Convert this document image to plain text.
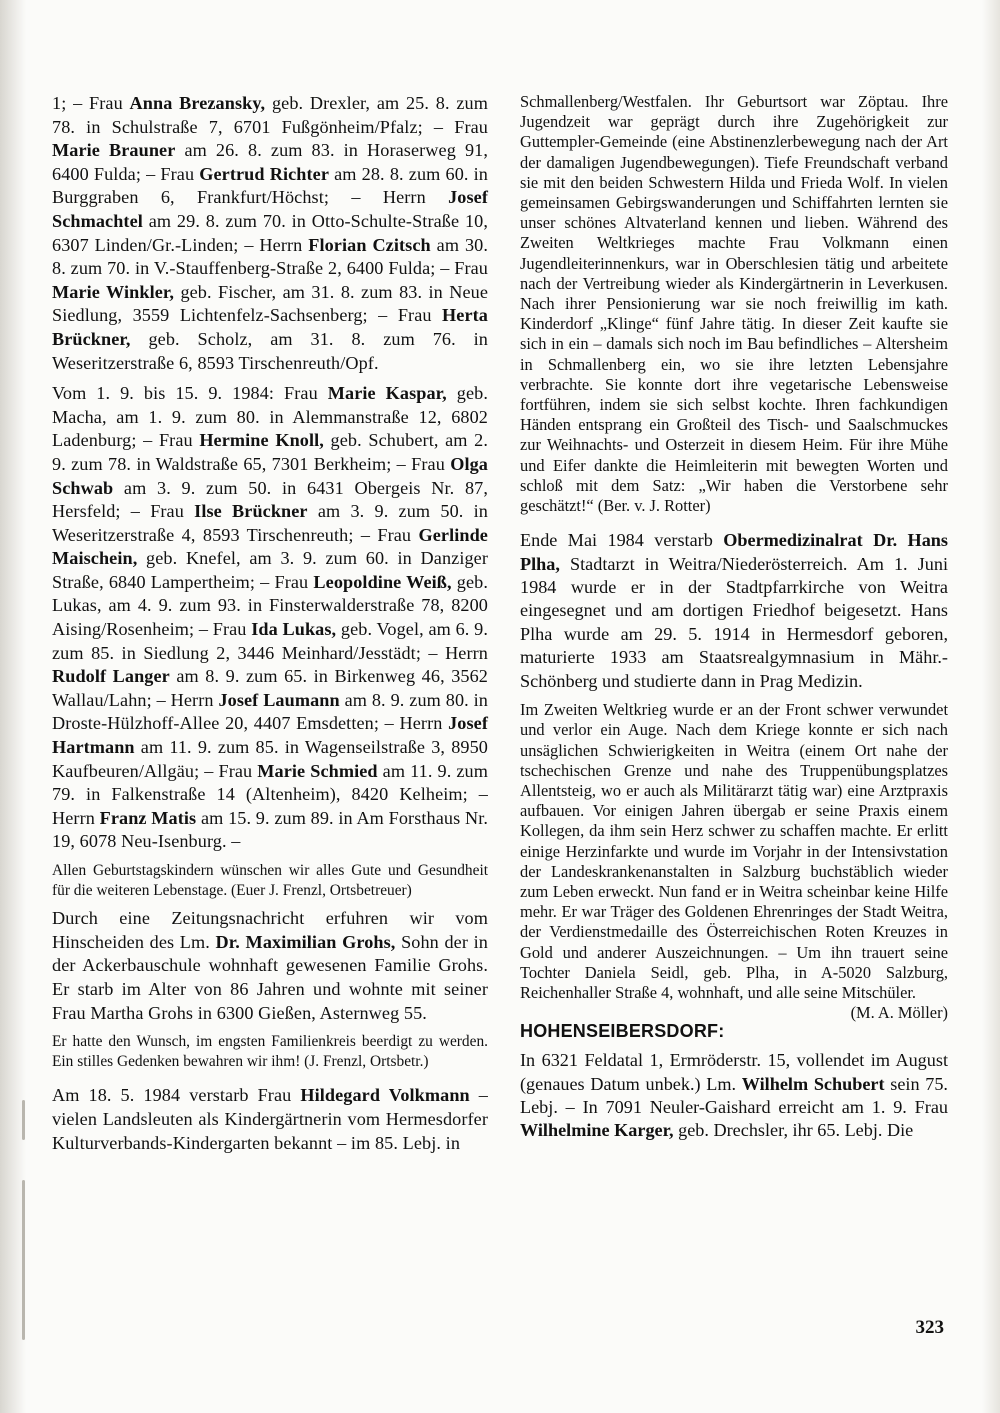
1; – Frau Anna Brezansky, geb. Drexler, am 25. 8. zum 78. in Schulstraße 7, 6701 Fußgönheim/Pfalz; – Frau Marie Brauner am 26. 8. zum 83. in Horaserweg 91, 6400 Fulda; – Frau Gertrud Richter am 28. 8. zum 60. in Burggraben 6, Frankfurt/Höchst; – Herrn Josef Schmachtel am 29. 8. zum 70. in Otto-Schulte-Straße 10, 6307 Linden/Gr.-Linden; – Herrn Florian Czitsch am 30. 8. zum 70. in V.-Stauffenberg-Straße 2, 6400 Fulda; – Frau Marie Winkler, geb. Fischer, am 31. 8. zum 83. in Neue Siedlung, 3559 Lichtenfelz-Sachsenberg; – Frau Herta Brückner, geb. Scholz, am 31. 8. zum 76. in Weseritzerstraße 6, 8593 Tirschenreuth/Opf.

Vom 1. 9. bis 15. 9. 1984: Frau Marie Kaspar, geb. Macha, am 1. 9. zum 80. in Alemmanstraße 12, 6802 Ladenburg; – Frau Hermine Knoll, geb. Schubert, am 2. 9. zum 78. in Waldstraße 65, 7301 Berkheim; – Frau Olga Schwab am 3. 9. zum 50. in 6431 Obergeis Nr. 87, Hersfeld; – Frau Ilse Brückner am 3. 9. zum 50. in Weseritzerstraße 4, 8593 Tirschenreuth; – Frau Gerlinde Maischein, geb. Knefel, am 3. 9. zum 60. in Danziger Straße, 6840 Lampertheim; – Frau Leopoldine Weiß, geb. Lukas, am 4. 9. zum 93. in Finsterwalderstraße 78, 8200 Aising/Rosenheim; – Frau Ida Lukas, geb. Vogel, am 6. 9. zum 85. in Siedlung 2, 3446 Meinhard/Jesstädt; – Herrn Rudolf Langer am 8. 9. zum 65. in Birkenweg 46, 3562 Wallau/Lahn; – Herrn Josef Laumann am 8. 9. zum 80. in Droste-Hülzhoff-Allee 20, 4407 Emsdetten; – Herrn Josef Hartmann am 11. 9. zum 85. in Wagenseilstraße 3, 8950 Kaufbeuren/Allgäu; – Frau Marie Schmied am 11. 9. zum 79. in Falkenstraße 14 (Altenheim), 8420 Kelheim; – Herrn Franz Matis am 15. 9. zum 89. in Am Forsthaus Nr. 19, 6078 Neu-Isenburg. –

Allen Geburtstagskindern wünschen wir alles Gute und Gesundheit für die weiteren Lebenstage. (Euer J. Frenzl, Ortsbetreuer)

Durch eine Zeitungsnachricht erfuhren wir vom Hinscheiden des Lm. Dr. Maximilian Grohs, Sohn der in der Ackerbauschule wohnhaft gewesenen Familie Grohs. Er starb im Alter von 86 Jahren und wohnte mit seiner Frau Martha Grohs in 6300 Gießen, Asternweg 55.

Er hatte den Wunsch, im engsten Familienkreis beerdigt zu werden. Ein stilles Gedenken bewahren wir ihm! (J. Frenzl, Ortsbetr.)

Am 18. 5. 1984 verstarb Frau Hildegard Volkmann – vielen Landsleuten als Kindergärtnerin vom Hermesdorfer Kulturverbands-Kindergarten bekannt – im 85. Lebj. in

Schmallenberg/Westfalen. Ihr Geburtsort war Zöptau. Ihre Jugendzeit war geprägt durch ihre Zugehörigkeit zur Guttempler-Gemeinde (eine Abstinenzlerbewegung nach der Art der damaligen Jugendbewegungen). Tiefe Freundschaft verband sie mit den beiden Schwestern Hilda und Frieda Wolf. In vielen gemeinsamen Gebirgswanderungen und Schiffahrten lernten sie unser schönes Altvaterland kennen und lieben. Während des Zweiten Weltkrieges machte Frau Volkmann einen Jugendleiterinnenkurs, war in Oberschlesien tätig und arbeitete nach der Vertreibung wieder als Kindergärtnerin in Leverkusen. Nach ihrer Pensionierung war sie noch freiwillig im kath. Kinderdorf „Klinge“ fünf Jahre tätig. In dieser Zeit kaufte sie sich in ein – damals sich noch im Bau befindliches – Altersheim in Schmallenberg ein, wo sie ihre letzten Lebensjahre verbrachte. Sie konnte dort ihre vegetarische Lebensweise fortführen, indem sie sich selbst kochte. Ihren fachkundigen Händen entsprang ein Großteil des Tisch- und Saalschmuckes zur Weihnachts- und Osterzeit in diesem Heim. Für ihre Mühe und Eifer dankte die Heimleiterin mit bewegten Worten und schloß mit dem Satz: „Wir haben die Verstorbene sehr geschätzt!“ (Ber. v. J. Rotter)

Ende Mai 1984 verstarb Obermedizinalrat Dr. Hans Plha, Stadtarzt in Weitra/Niederösterreich. Am 1. Juni 1984 wurde er in der Stadtpfarrkirche von Weitra eingesegnet und am dortigen Friedhof beigesetzt. Hans Plha wurde am 29. 5. 1914 in Hermesdorf geboren, maturierte 1933 am Staatsrealgymnasium in Mähr.-Schönberg und studierte dann in Prag Medizin.

Im Zweiten Weltkrieg wurde er an der Front schwer verwundet und verlor ein Auge. Nach dem Kriege konnte er sich nach unsäglichen Schwierigkeiten in Weitra (einem Ort nahe der tschechischen Grenze und nahe des Truppenübungsplatzes Allentsteig, wo er auch als Militärarzt tätig war) eine Arztpraxis aufbauen. Vor einigen Jahren übergab er seine Praxis einem Kollegen, da ihm sein Herz schwer zu schaffen machte. Er erlitt einige Herzinfarkte und wurde im Vorjahr in der Intensivstation der Landeskrankenanstalten in Salzburg buchstäblich wieder zum Leben erweckt. Nun fand er in Weitra scheinbar keine Hilfe mehr. Er war Träger des Goldenen Ehrenringes der Stadt Weitra, der Verdienstmedaille des Österreichischen Roten Kreuzes in Gold und anderer Auszeichnungen. – Um ihn trauert seine Tochter Daniela Seidl, geb. Plha, in A-5020 Salzburg, Reichenhaller Straße 4, wohnhaft, und alle seine Mitschüler.
(M. A. Möller)

HOHENSEIBERSDORF:

In 6321 Feldatal 1, Ermröderstr. 15, vollendet im August (genaues Datum unbek.) Lm. Wilhelm Schubert sein 75. Lebj. – In 7091 Neuler-Gaishard erreicht am 1. 9. Frau Wilhelmine Karger, geb. Drechsler, ihr 65. Lebj. Die

323
